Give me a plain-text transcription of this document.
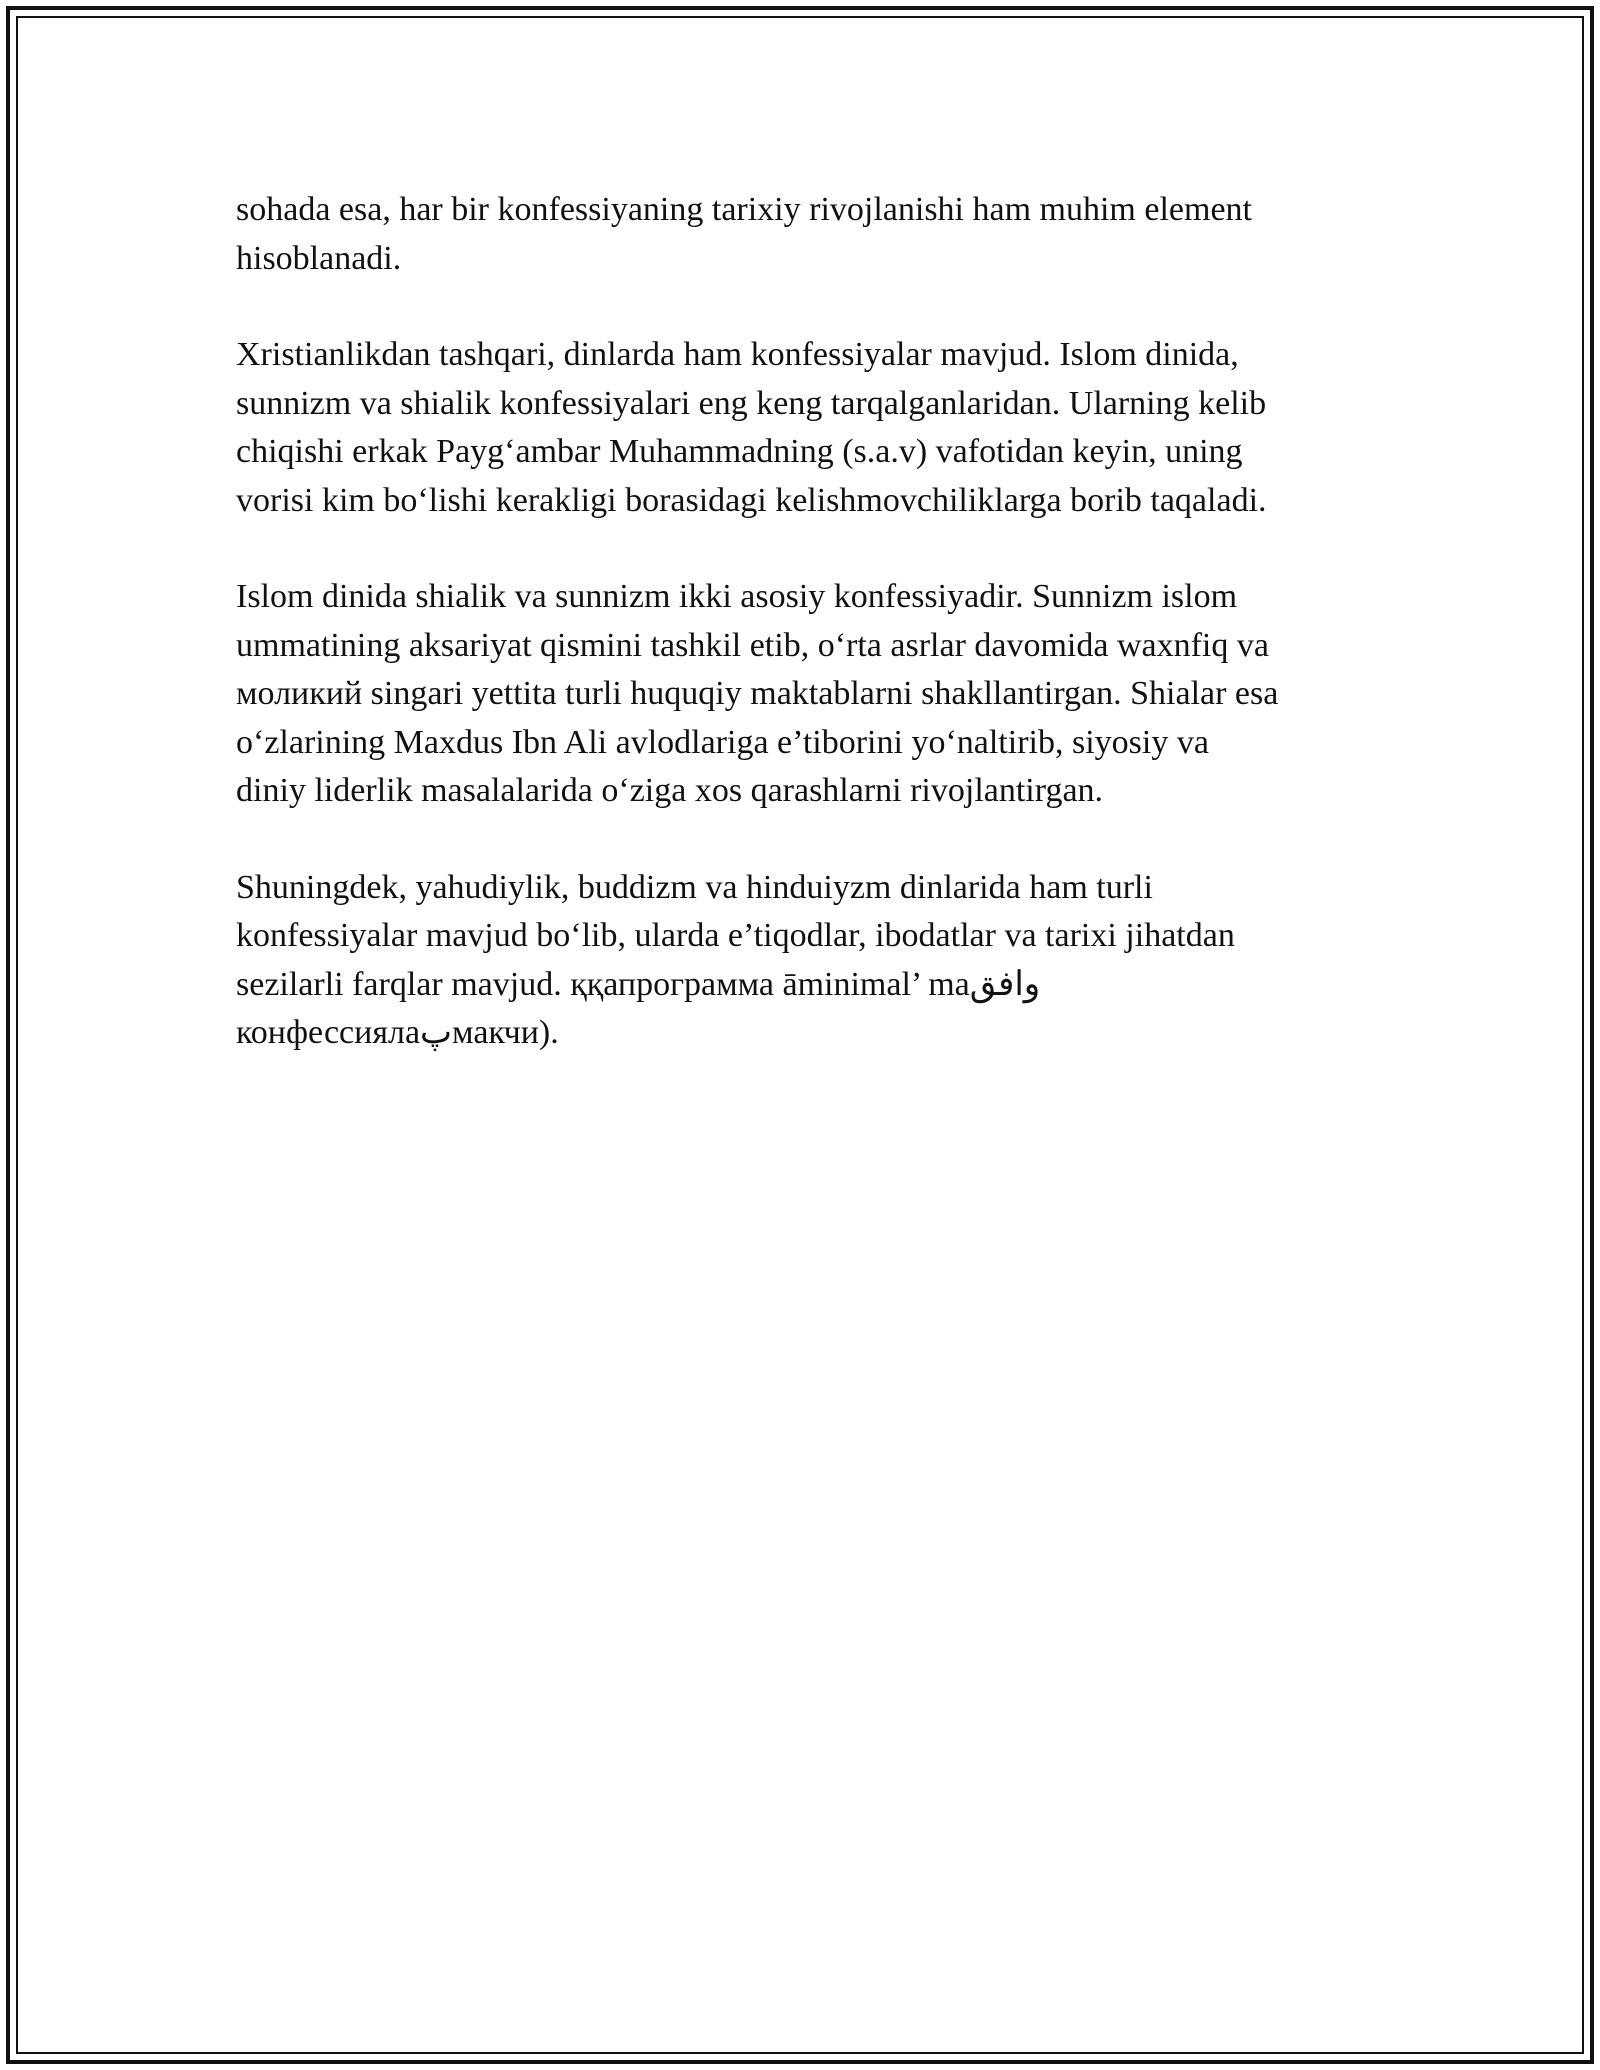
sohada esa, har bir konfessiyaning tarixiy rivojlanishi ham muhim element
hisoblanadi.

Xristianlikdan tashqari, dinlarda ham konfessiyalar mavjud. Islom dinida,
sunnizm va shialik konfessiyalari eng keng tarqalganlaridan. Ularning kelib
chiqishi erkak Payg‘ambar Muhammadning (s.a.v) vafotidan keyin, uning
vorisi kim bo‘lishi kerakligi borasidagi kelishmovchiliklarga borib taqaladi.

Islom dinida shialik va sunnizm ikki asosiy konfessiyadir. Sunnizm islom
ummatining aksariyat qismini tashkil etib, o‘rta asrlar davomida waxnfiq va
моликий singari yettita turli huquqiy maktablarni shakllantirgan. Shialar esa
o‘zlarining Maxdus Ibn Ali avlodlariga e’tiborini yo‘naltirib, siyosiy va
diniy liderlik masalalarida o‘ziga xos qarashlarni rivojlantirgan.

Shuningdek, yahudiylik, buddizm va hinduiyzm dinlarida ham turli
konfessiyalar mavjud bo‘lib, ularda e’tiqodlar, ibodatlar va tarixi jihatdan
sezilarli farqlar mavjud. ққапрограмма āminimal’ maوافق
конфессиялаپмакчи).
